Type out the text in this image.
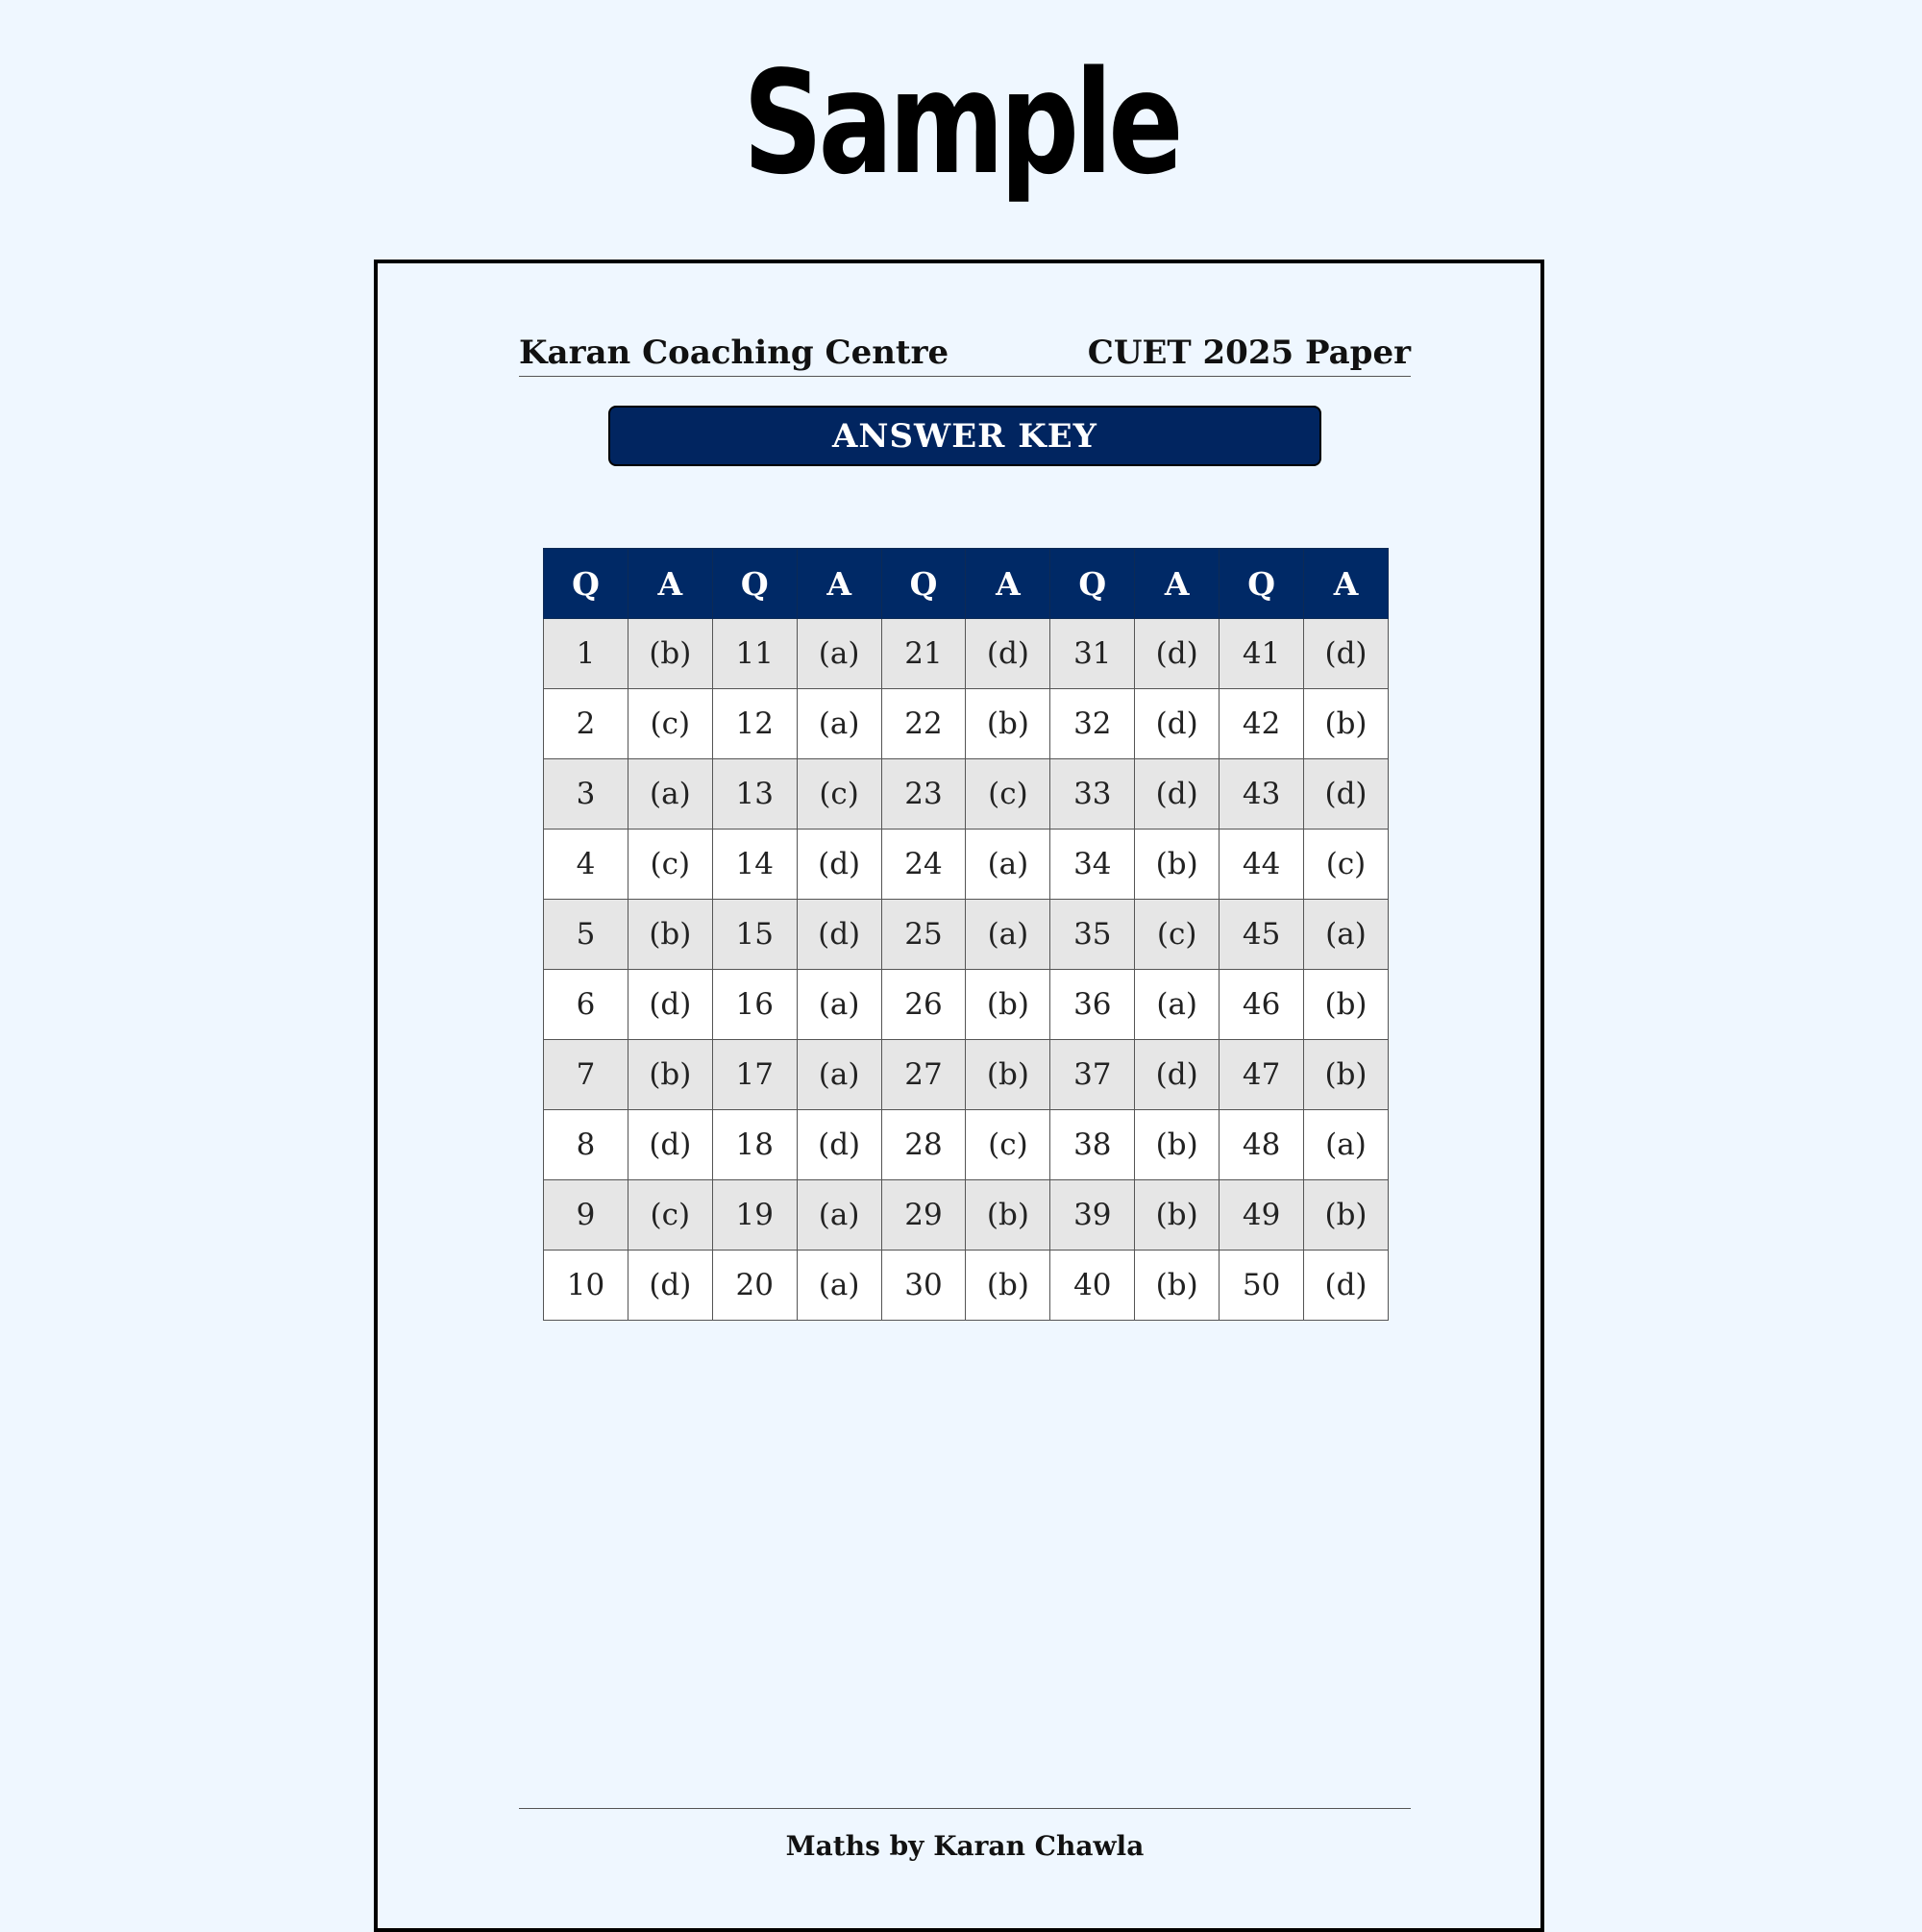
Sample
Karan Coaching Centre	CUET 2025 Paper
ANSWER KEY
Q	A	Q	A	Q	A	Q	A	Q	A
1	(b)	11	(a)	21	(d)	31	(d)	41	(d)
2	(c)	12	(a)	22	(b)	32	(d)	42	(b)
3	(a)	13	(c)	23	(c)	33	(d)	43	(d)
4	(c)	14	(d)	24	(a)	34	(b)	44	(c)
5	(b)	15	(d)	25	(a)	35	(c)	45	(a)
6	(d)	16	(a)	26	(b)	36	(a)	46	(b)
7	(b)	17	(a)	27	(b)	37	(d)	47	(b)
8	(d)	18	(d)	28	(c)	38	(b)	48	(a)
9	(c)	19	(a)	29	(b)	39	(b)	49	(b)
10	(d)	20	(a)	30	(b)	40	(b)	50	(d)
Maths by Karan Chawla
